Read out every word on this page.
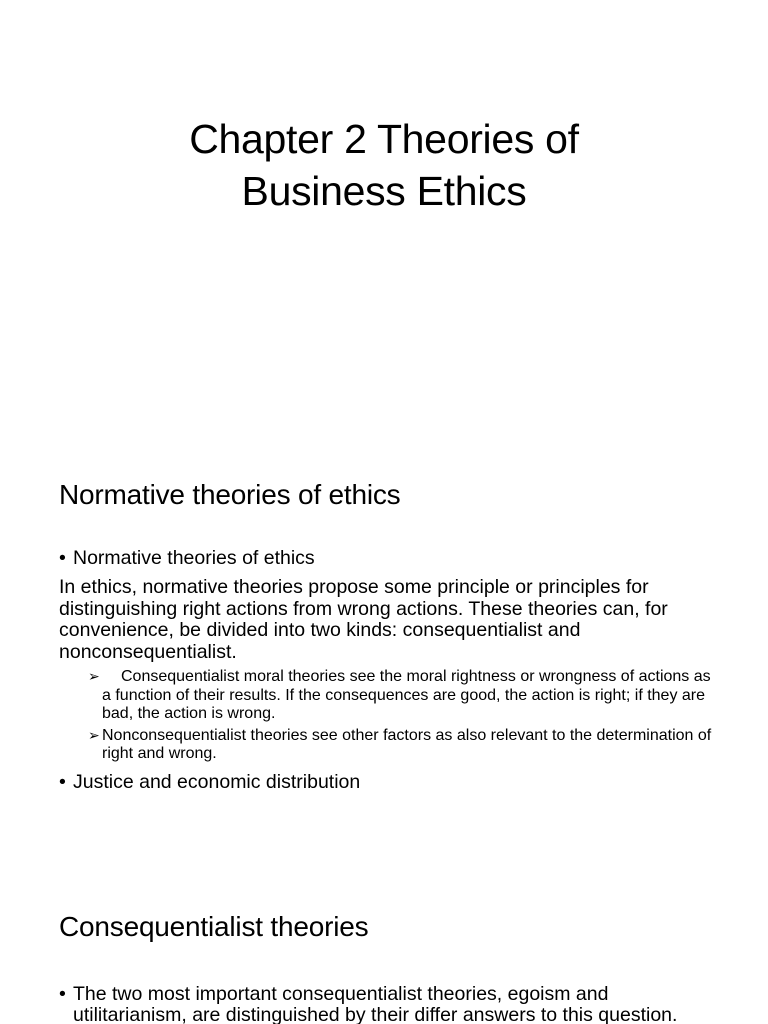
Chapter 2 Theories of
Business Ethics
Normative theories of ethics

• Normative theories of ethics

In ethics, normative theories propose some principle or principles for distinguishing right actions from wrong actions. These theories can, for convenience, be divided into two kinds: consequentialist and nonconsequentialist.

➢ Consequentialist moral theories see the moral rightness or wrongness of actions as a function of their results. If the consequences are good, the action is right; if they are bad, the action is wrong.

➢ Nonconsequentialist theories see other factors as also relevant to the determination of right and wrong.

• Justice and economic distribution

Consequentialist theories

• The two most important consequentialist theories, egoism and utilitarianism, are distinguished by their differ answers to this question.
